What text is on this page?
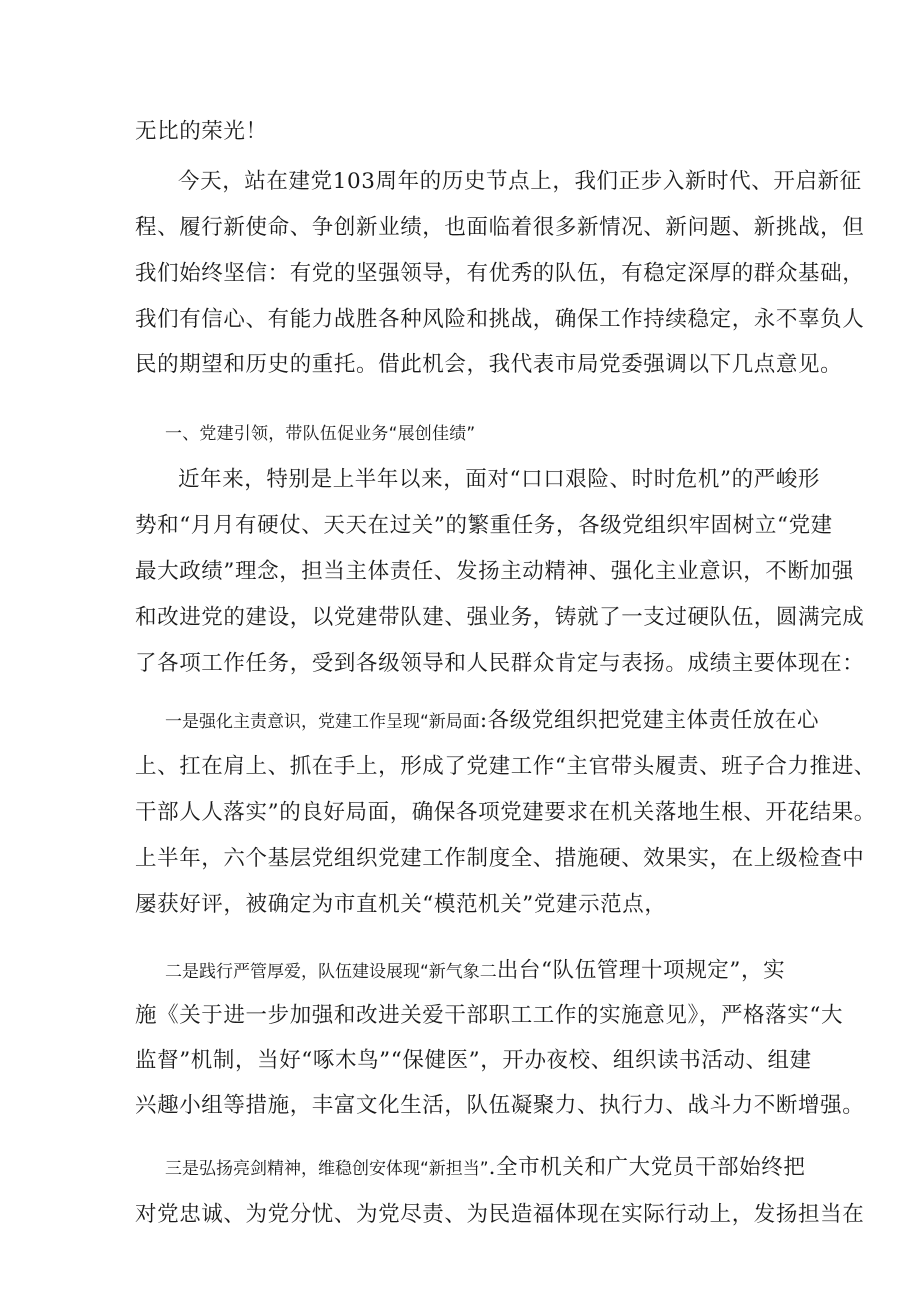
无比的荣光！
今天，站在建党103周年的历史节点上，我们正步入新时代、开启新征
程、履行新使命、争创新业绩，也面临着很多新情况、新问题、新挑战，但
我们始终坚信：有党的坚强领导，有优秀的队伍，有稳定深厚的群众基础，
我们有信心、有能力战胜各种风险和挑战，确保工作持续稳定，永不辜负人
民的期望和历史的重托。借此机会，我代表市局党委强调以下几点意见。
一、党建引领，带队伍促业务“展创佳绩”
近年来，特别是上半年以来，面对“口口艰险、时时危机”的严峻形
势和“月月有硬仗、天天在过关”的繁重任务，各级党组织牢固树立“党建
最大政绩”理念，担当主体责任、发扬主动精神、强化主业意识，不断加强
和改进党的建设，以党建带队建、强业务，铸就了一支过硬队伍，圆满完成
了各项工作任务，受到各级领导和人民群众肯定与表扬。成绩主要体现在：
一是强化主责意识，党建工作呈现“新局面:各级党组织把党建主体责任放在心
上、扛在肩上、抓在手上，形成了党建工作“主官带头履责、班子合力推进、
干部人人落实”的良好局面，确保各项党建要求在机关落地生根、开花结果。
上半年，六个基层党组织党建工作制度全、措施硬、效果实，在上级检查中
屡获好评，被确定为市直机关“模范机关”党建示范点，
二是践行严管厚爱，队伍建设展现“新气象二出台“队伍管理十项规定”，实
施《关于进一步加强和改进关爱干部职工工作的实施意见》，严格落实“大
监督”机制，当好“啄木鸟”“保健医”，开办夜校、组织读书活动、组建
兴趣小组等措施，丰富文化生活，队伍凝聚力、执行力、战斗力不断增强。
三是弘扬亮剑精神，维稳创安体现“新担当”.全市机关和广大党员干部始终把
对党忠诚、为党分忧、为党尽责、为民造福体现在实际行动上，发扬担当在
